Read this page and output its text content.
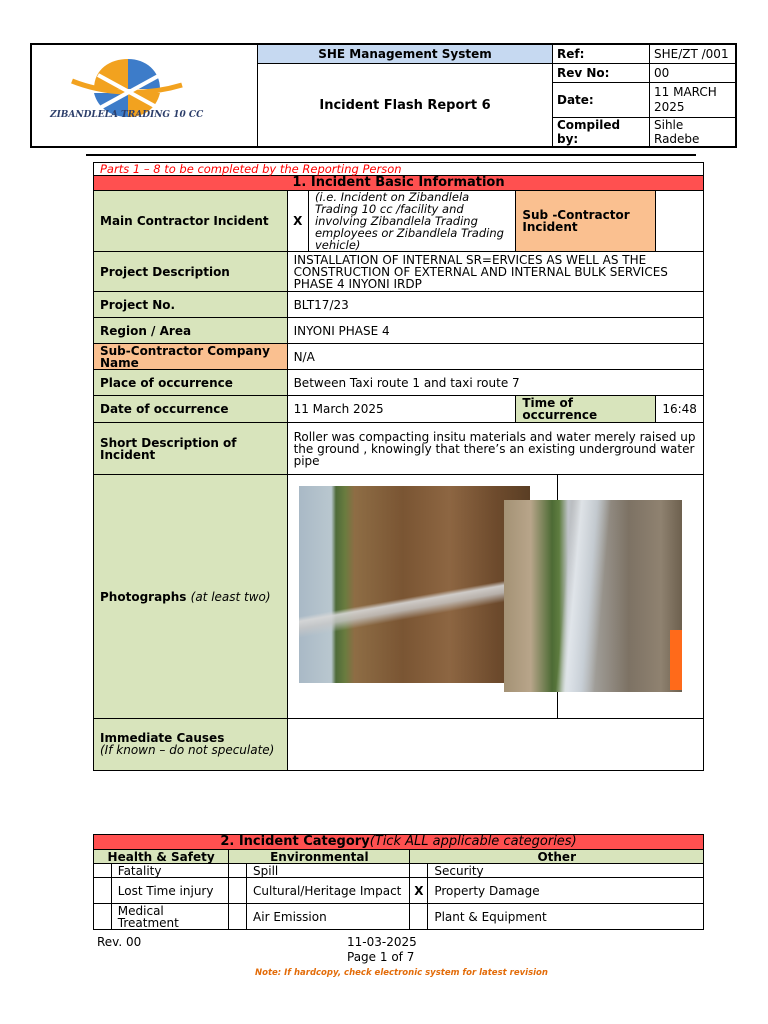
ZIBANDLELA TRADING 10 CC	SHE Management System	Ref:	SHE/ZT /001
	Incident Flash Report 6	Rev No:	00
		Date:	11 MARCH 2025
		Compiled by:	Sihle Radebe
Parts 1 – 8 to be completed by the Reporting Person					
1. Incident Basic Information					
Main Contractor Incident	X	(i.e. Incident on Zibandlela Trading 10 cc /facility and involving Zibandlela Trading employees or Zibandlela Trading vehicle)	Sub -Contractor Incident		
Project Description	INSTALLATION OF INTERNAL SR=ERVICES AS WELL AS THE CONSTRUCTION OF EXTERNAL AND INTERNAL BULK SERVICES PHASE 4 INYONI IRDP				
Project No.	BLT17/23				
Region / Area	INYONI PHASE 4				
Sub-Contractor Company Name	N/A				
Place of occurrence	Between Taxi route 1 and taxi route 7				
Date of occurrence	11 March 2025		Time of occurrence		16:48
Short Description of Incident	Roller was compacting insitu materials and water merely raised up the ground , knowingly that there’s an existing underground water pipe				
Photographs (at least two)					

Immediate Causes
(If known – do not speculate)					

2. Incident Category(Tick ALL applicable categories)					
Health & Safety		Environmental		Other	
	Fatality		Spill		Security
	Lost Time injury		Cultural/Heritage Impact	X	Property Damage
	Medical Treatment		Air Emission		Plant & Equipment
Rev. 00	11-03-2025
Page 1 of 7
Note: If hardcopy, check electronic system for latest revision
